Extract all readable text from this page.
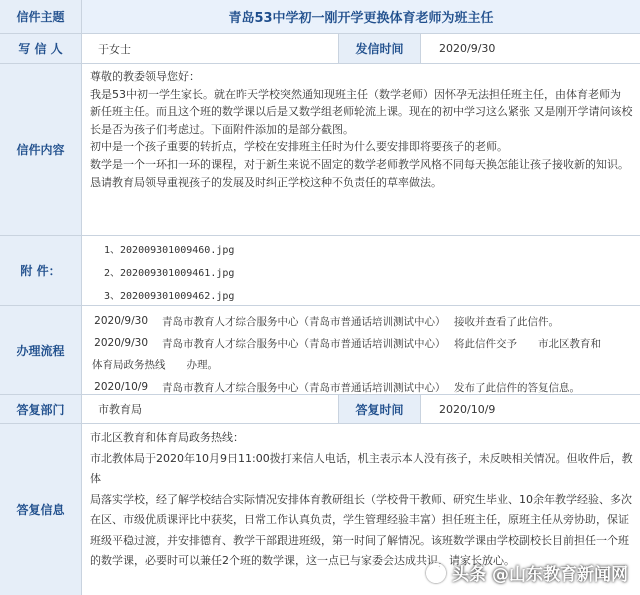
信件主题	青岛53中学初一刚开学更换体育老师为班主任
写 信 人	于女士	发信时间	2020/9/30
信件内容

尊敬的教委领导您好：

我是53中初一学生家长。就在昨天学校突然通知现班主任（数学老师）因怀孕无法担任班主任，由体育老师为

新任班主任。而且这个班的数学课以后是又数学组老师轮流上课。现在的初中学习这么紧张 又是刚开学请问该校

长是否为孩子们考虑过。下面附件添加的是部分截图。

初中是一个孩子重要的转折点，学校在安排班主任时为什么要安排即将要孩子的老师。

数学是一个一环扣一环的课程，对于新生来说不固定的数学老师教学风格不同每天换怎能让孩子接收新的知识。

恳请教育局领导重视孩子的发展及时纠正学校这种不负责任的草率做法。

附 件：
1、202009301009460.jpg
2、202009301009461.jpg
3、202009301009462.jpg
办理流程
2020/9/30	青岛市教育人才综合服务中心（青岛市普通话培训测试中心） 接收并查看了此信件。
2020/9/30	青岛市教育人才综合服务中心（青岛市普通话培训测试中心） 将此信件交予　　市北区教育和
体育局政务热线　　办理。
2020/10/9	青岛市教育人才综合服务中心（青岛市普通话培训测试中心） 发布了此信件的答复信息。
答复部门	市教育局	答复时间	2020/10/9
答复信息

市北区教育和体育局政务热线：

市北教体局于2020年10月9日11:00拨打来信人电话，机主表示本人没有孩子，未反映相关情况。但收件后，教体

局落实学校，经了解学校结合实际情况安排体育教研组长（学校骨干教师、研究生毕业、10余年教学经验、多次

在区、市级优质课评比中获奖，日常工作认真负责，学生管理经验丰富）担任班主任，原班主任从旁协助，保证

班级平稳过渡，并安排德育、教学干部跟进班级，第一时间了解情况。该班数学课由学校副校长目前担任一个班

的数学课，必要时可以兼任2个班的数学课，这一点已与家委会达成共识，请家长放心。

头条 @山东教育新闻网
